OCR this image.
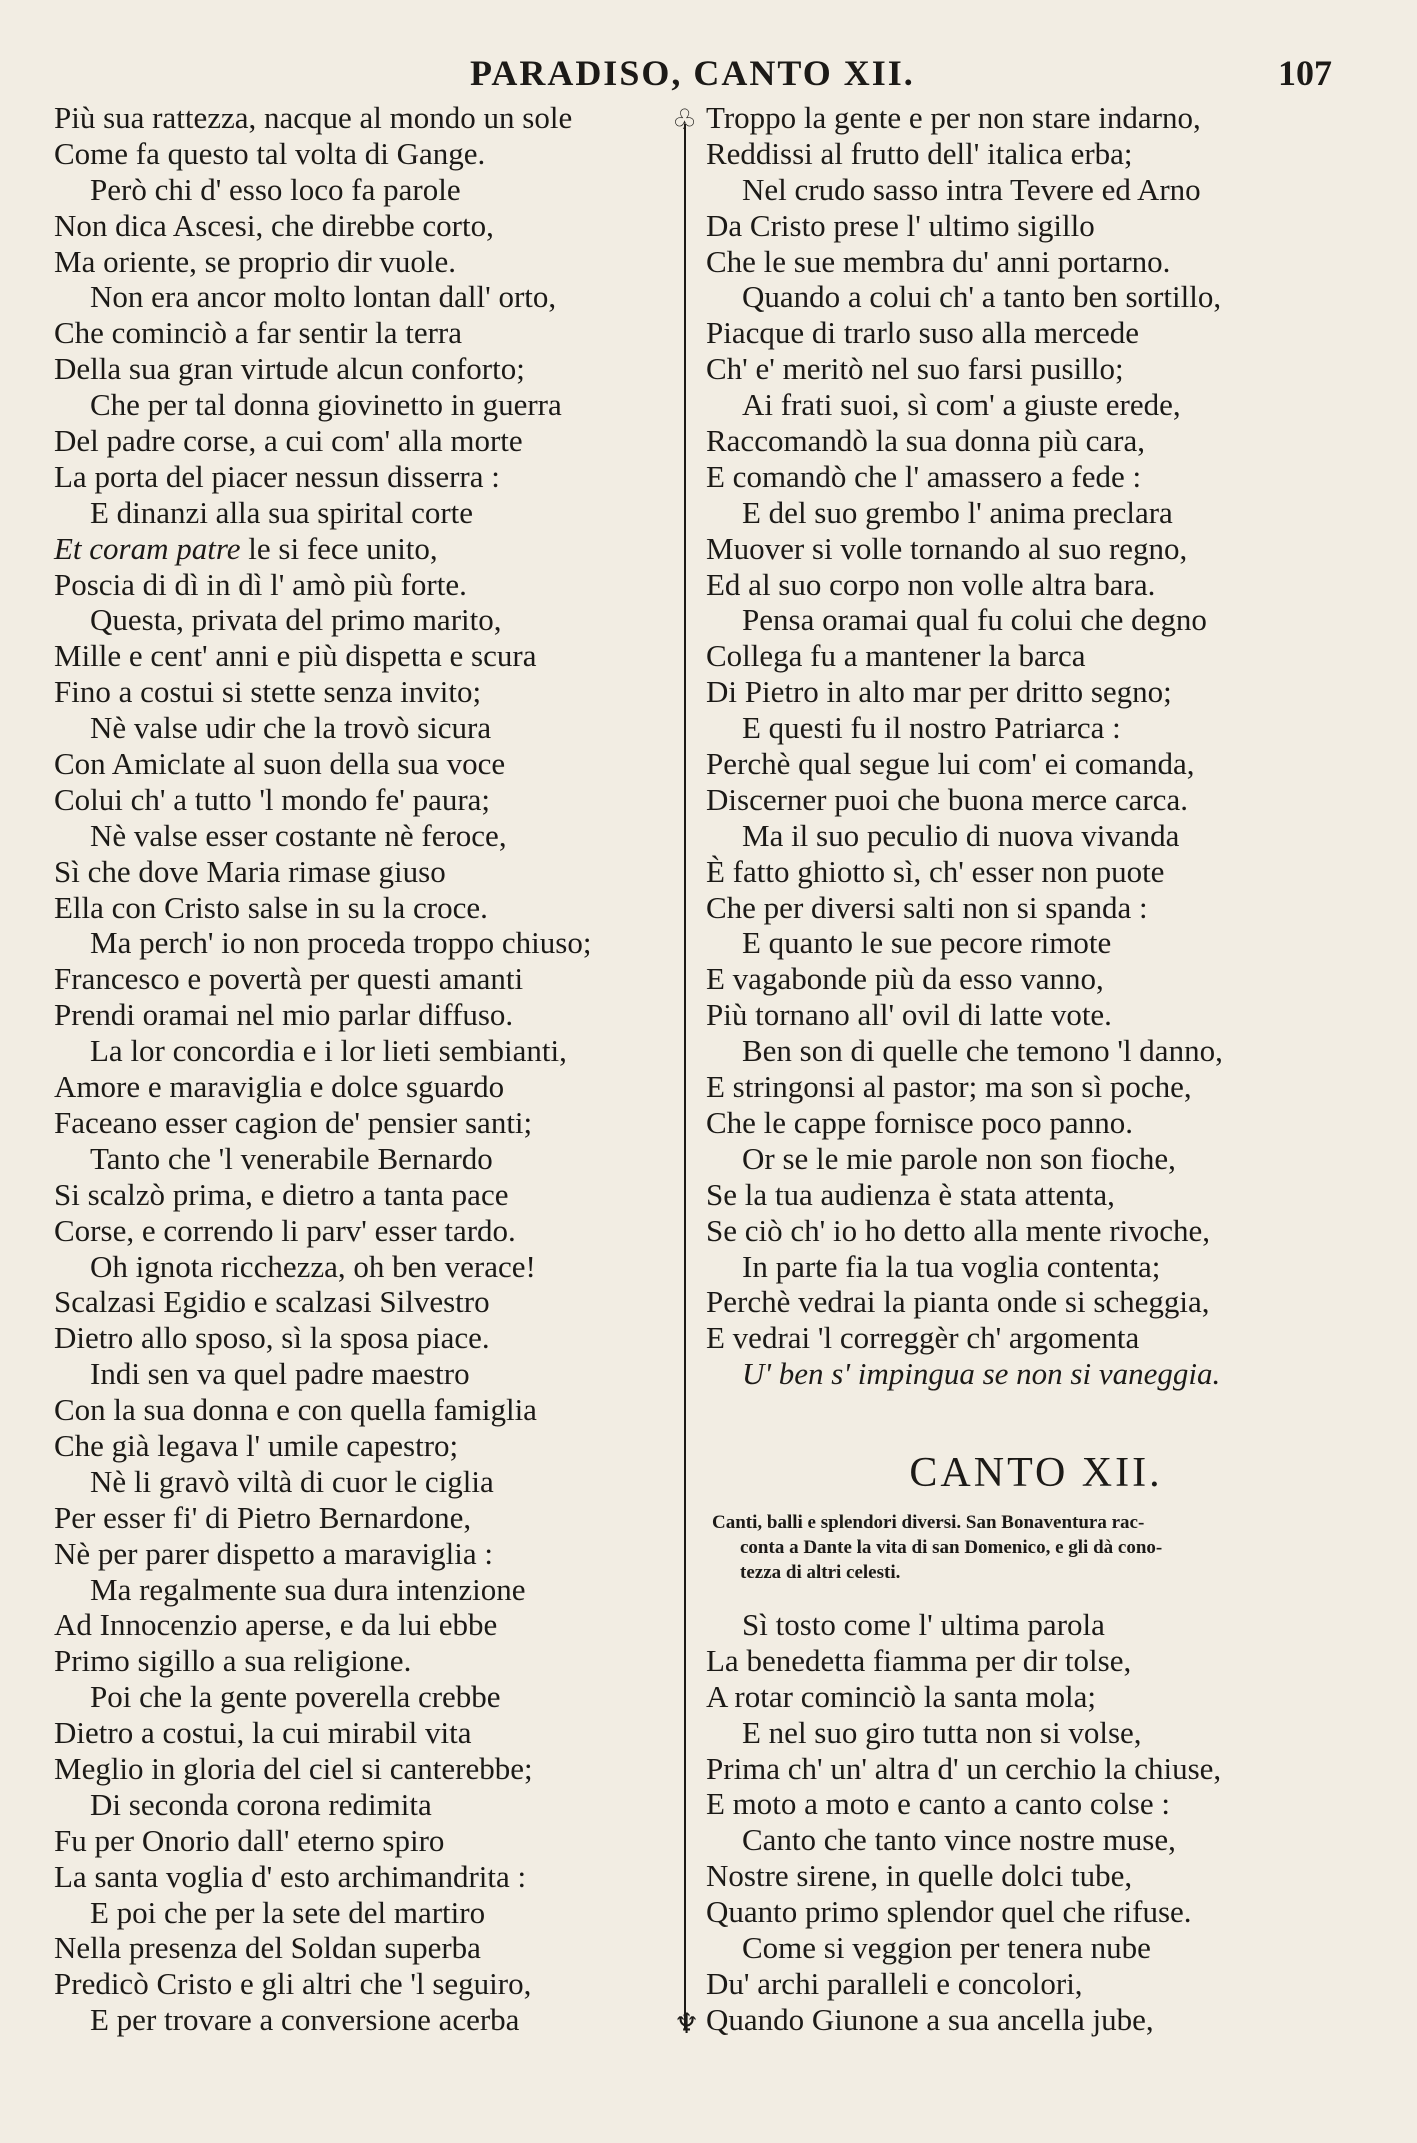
PARADISO, CANTO XII.	107
♧
♆
Più sua rattezza, nacque al mondo un sole
Come fa questo tal volta di Gange.
Però chi d' esso loco fa parole
Non dica Ascesi, che direbbe corto,
Ma oriente, se proprio dir vuole.
Non era ancor molto lontan dall' orto,
Che cominciò a far sentir la terra
Della sua gran virtude alcun conforto;
Che per tal donna giovinetto in guerra
Del padre corse, a cui com' alla morte
La porta del piacer nessun disserra :
E dinanzi alla sua spirital corte
Et coram patre le si fece unito,
Poscia di dì in dì l' amò più forte.
Questa, privata del primo marito,
Mille e cent' anni e più dispetta e scura
Fino a costui si stette senza invito;
Nè valse udir che la trovò sicura
Con Amiclate al suon della sua voce
Colui ch' a tutto 'l mondo fe' paura;
Nè valse esser costante nè feroce,
Sì che dove Maria rimase giuso
Ella con Cristo salse in su la croce.
Ma perch' io non proceda troppo chiuso;
Francesco e povertà per questi amanti
Prendi oramai nel mio parlar diffuso.
La lor concordia e i lor lieti sembianti,
Amore e maraviglia e dolce sguardo
Faceano esser cagion de' pensier santi;
Tanto che 'l venerabile Bernardo
Si scalzò prima, e dietro a tanta pace
Corse, e correndo li parv' esser tardo.
Oh ignota ricchezza, oh ben verace!
Scalzasi Egidio e scalzasi Silvestro
Dietro allo sposo, sì la sposa piace.
Indi sen va quel padre maestro
Con la sua donna e con quella famiglia
Che già legava l' umile capestro;
Nè li gravò viltà di cuor le ciglia
Per esser fi' di Pietro Bernardone,
Nè per parer dispetto a maraviglia :
Ma regalmente sua dura intenzione
Ad Innocenzio aperse, e da lui ebbe
Primo sigillo a sua religione.
Poi che la gente poverella crebbe
Dietro a costui, la cui mirabil vita
Meglio in gloria del ciel si canterebbe;
Di seconda corona redimita
Fu per Onorio dall' eterno spiro
La santa voglia d' esto archimandrita :
E poi che per la sete del martiro
Nella presenza del Soldan superba
Predicò Cristo e gli altri che 'l seguiro,
E per trovare a conversione acerba
Troppo la gente e per non stare indarno,
Reddissi al frutto dell' italica erba;
Nel crudo sasso intra Tevere ed Arno
Da Cristo prese l' ultimo sigillo
Che le sue membra du' anni portarno.
Quando a colui ch' a tanto ben sortillo,
Piacque di trarlo suso alla mercede
Ch' e' meritò nel suo farsi pusillo;
Ai frati suoi, sì com' a giuste erede,
Raccomandò la sua donna più cara,
E comandò che l' amassero a fede :
E del suo grembo l' anima preclara
Muover si volle tornando al suo regno,
Ed al suo corpo non volle altra bara.
Pensa oramai qual fu colui che degno
Collega fu a mantener la barca
Di Pietro in alto mar per dritto segno;
E questi fu il nostro Patriarca :
Perchè qual segue lui com' ei comanda,
Discerner puoi che buona merce carca.
Ma il suo peculio di nuova vivanda
È fatto ghiotto sì, ch' esser non puote
Che per diversi salti non si spanda :
E quanto le sue pecore rimote
E vagabonde più da esso vanno,
Più tornano all' ovil di latte vote.
Ben son di quelle che temono 'l danno,
E stringonsi al pastor; ma son sì poche,
Che le cappe fornisce poco panno.
Or se le mie parole non son fioche,
Se la tua audienza è stata attenta,
Se ciò ch' io ho detto alla mente rivoche,
In parte fia la tua voglia contenta;
Perchè vedrai la pianta onde si scheggia,
E vedrai 'l correggèr ch' argomenta
U' ben s' impingua se non si vaneggia.
CANTO XII.
Canti, balli e splendori diversi. San Bonaventura rac-
conta a Dante la vita di san Domenico, e gli dà cono-
tezza di altri celesti.
Sì tosto come l' ultima parola
La benedetta fiamma per dir tolse,
A rotar cominciò la santa mola;
E nel suo giro tutta non si volse,
Prima ch' un' altra d' un cerchio la chiuse,
E moto a moto e canto a canto colse :
Canto che tanto vince nostre muse,
Nostre sirene, in quelle dolci tube,
Quanto primo splendor quel che rifuse.
Come si veggion per tenera nube
Du' archi paralleli e concolori,
Quando Giunone a sua ancella jube,
